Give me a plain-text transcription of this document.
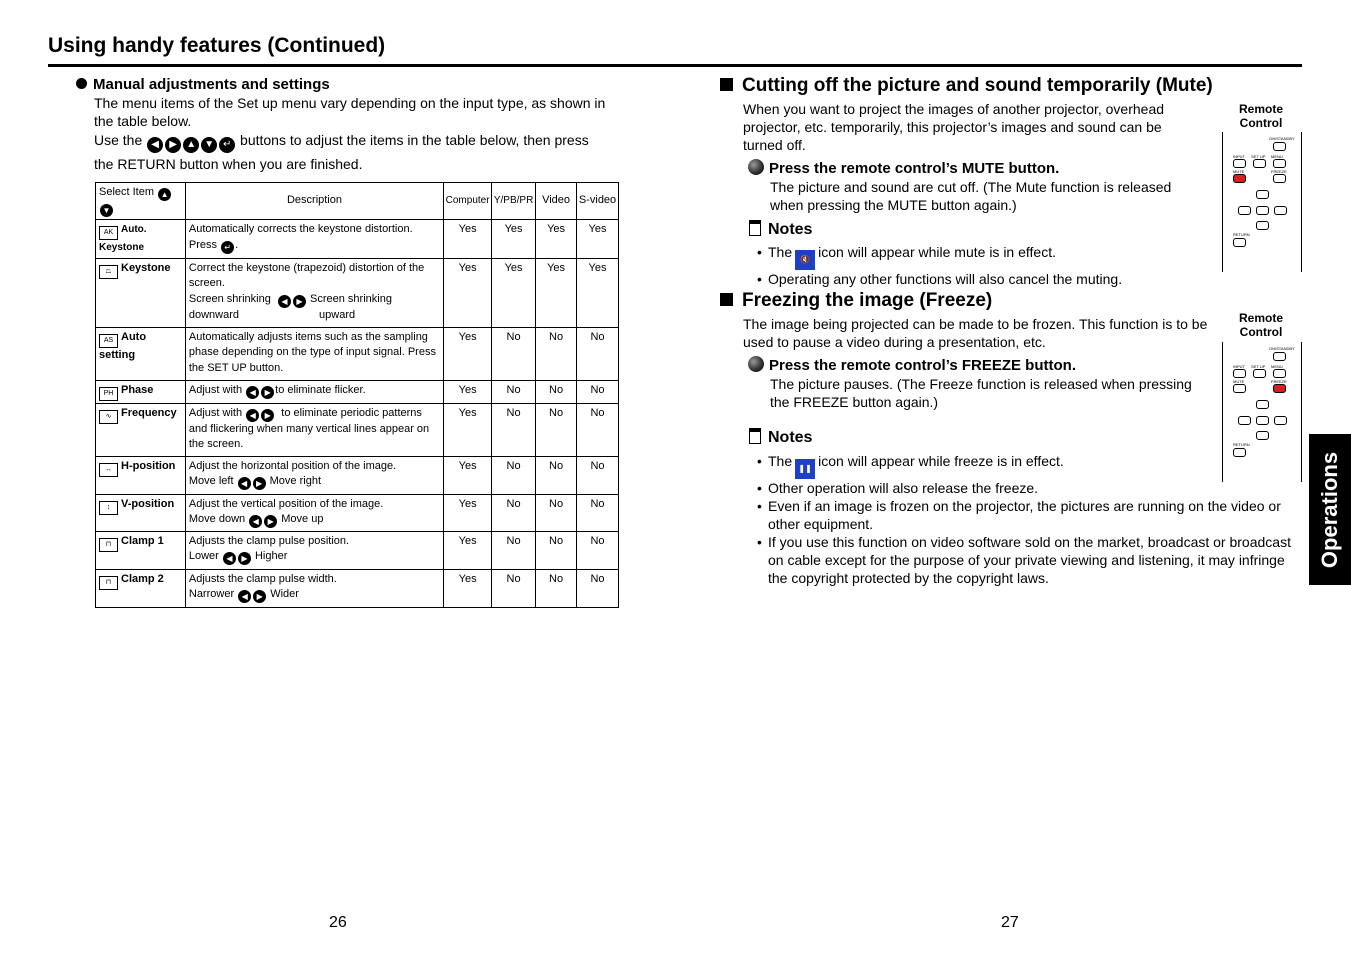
Using handy features (Continued)
Operations
Manual adjustments and settings
The menu items of the Set up menu vary depending on the input type, as shown in the table below.
Use the ◀ ▶ ▲ ▼ ↵ buttons to adjust the items in the table below, then press
the RETURN button when you are finished.
Select Item ▲▼	Description	Computer	Y/PB/PR	Video	S-video
AK Auto. Keystone	Automatically corrects the keystone distortion.
Press ↵ .	Yes	Yes	Yes	Yes
⏢ Keystone	Correct the keystone (trapezoid) distortion of the screen.
Screen shrinking ◀ ▶ Screen shrinking
downward upward	Yes	Yes	Yes	Yes
AS Auto setting	Automatically adjusts items such as the sampling phase depending on the type of input signal. Press the SET UP button.	Yes	No	No	No
PH Phase	Adjust with ◀ ▶ to eliminate flicker.	Yes	No	No	No
∿ Frequency	Adjust with ◀ ▶ to eliminate periodic patterns and flickering when many vertical lines appear on the screen.	Yes	No	No	No
↔ H-position	Adjust the horizontal position of the image.
Move left ◀ ▶ Move right	Yes	No	No	No
↕ V-position	Adjust the vertical position of the image.
Move down ◀ ▶ Move up	Yes	No	No	No
⊓ Clamp 1	Adjusts the clamp pulse position.
Lower ◀ ▶ Higher	Yes	No	No	No
⊓ Clamp 2	Adjusts the clamp pulse width.
Narrower ◀ ▶ Wider	Yes	No	No	No
26
Cutting off the picture and sound temporarily (Mute)
When you want to project the images of another projector, overhead projector, etc. temporarily, this projector’s images and sound can be turned off.
Press the remote control’s MUTE button.
The picture and sound are cut off. (The Mute function is released when pressing the MUTE button again.)
Notes
• The 🔇 icon will appear while mute is in effect.
• Operating any other functions will also cancel the muting.
Remote
Control
ON/STANDBY
INPUT SET UP MENU
MUTE	FREEZE
RETURN
Freezing the image (Freeze)
The image being projected can be made to be frozen. This function is to be used to pause a video during a presentation, etc.
Press the remote control’s FREEZE button.
The picture pauses. (The Freeze function is released when pressing the FREEZE button again.)
Notes
• The ❚❚ icon will appear while freeze is in effect.
• Other operation will also release the freeze.
• Even if an image is frozen on the projector, the pictures are running on the video or other equipment.
• If you use this function on video software sold on the market, broadcast or broadcast on cable except for the purpose of your private viewing and listening, it may infringe the copyright protected by the copyright laws.
Remote
Control
ON/STANDBY
INPUT SET UP MENU
MUTE	FREEZE
RETURN
27
